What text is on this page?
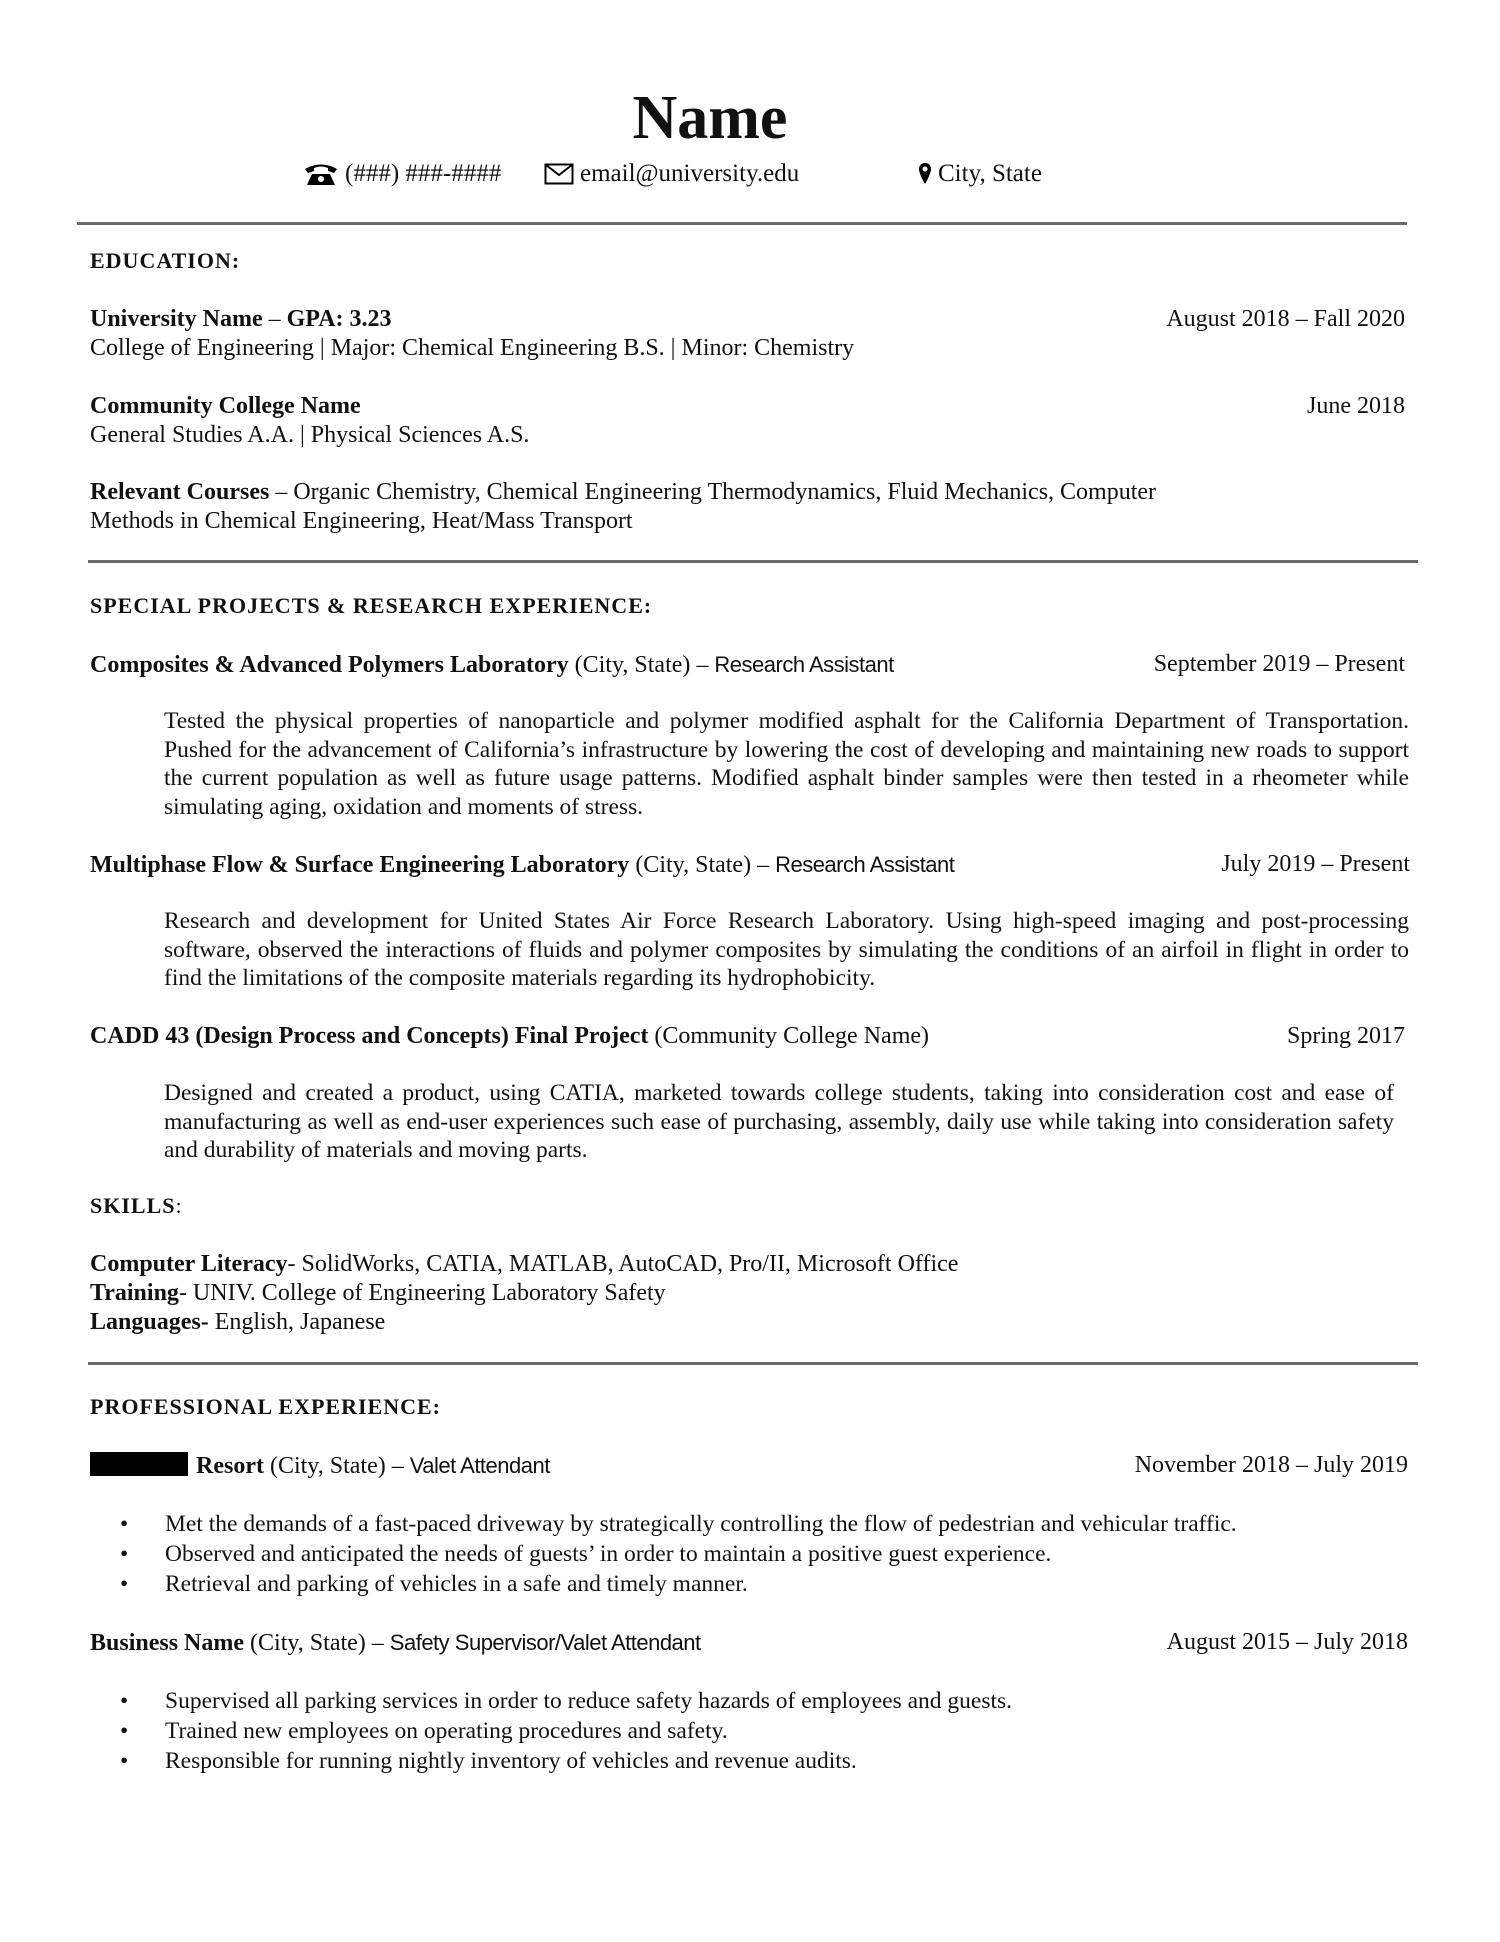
Name
(###) ###-####	email@university.edu	City, State
EDUCATION:
University Name – GPA: 3.23	August 2018 – Fall 2020
College of Engineering | Major: Chemical Engineering B.S. | Minor: Chemistry
Community College Name	June 2018
General Studies A.A. | Physical Sciences A.S.
Relevant Courses – Organic Chemistry, Chemical Engineering Thermodynamics, Fluid Mechanics, Computer
Methods in Chemical Engineering, Heat/Mass Transport
SPECIAL PROJECTS & RESEARCH EXPERIENCE:
Composites & Advanced Polymers Laboratory (City, State) – Research Assistant	September 2019 – Present
Tested the physical properties of nanoparticle and polymer modified asphalt for the California Department of Transportation. Pushed for the advancement of California’s infrastructure by lowering the cost of developing and maintaining new roads to support the current population as well as future usage patterns. Modified asphalt binder samples were then tested in a rheometer while simulating aging, oxidation and moments of stress.
Multiphase Flow & Surface Engineering Laboratory (City, State) – Research Assistant	July 2019 – Present
Research and development for United States Air Force Research Laboratory. Using high-speed imaging and post-processing software, observed the interactions of fluids and polymer composites by simulating the conditions of an airfoil in flight in order to find the limitations of the composite materials regarding its hydrophobicity.
CADD 43 (Design Process and Concepts) Final Project (Community College Name)	Spring 2017
Designed and created a product, using CATIA, marketed towards college students, taking into consideration cost and ease of manufacturing as well as end-user experiences such ease of purchasing, assembly, daily use while taking into consideration safety and durability of materials and moving parts.
SKILLS:
Computer Literacy- SolidWorks, CATIA, MATLAB, AutoCAD, Pro/II, Microsoft Office
Training- UNIV. College of Engineering Laboratory Safety
Languages- English, Japanese
PROFESSIONAL EXPERIENCE:
Resort (City, State) – Valet Attendant	November 2018 – July 2019
• Met the demands of a fast-paced driveway by strategically controlling the flow of pedestrian and vehicular traffic.
• Observed and anticipated the needs of guests’ in order to maintain a positive guest experience.
• Retrieval and parking of vehicles in a safe and timely manner.
Business Name (City, State) – Safety Supervisor/Valet Attendant	August 2015 – July 2018
• Supervised all parking services in order to reduce safety hazards of employees and guests.
• Trained new employees on operating procedures and safety.
• Responsible for running nightly inventory of vehicles and revenue audits.
